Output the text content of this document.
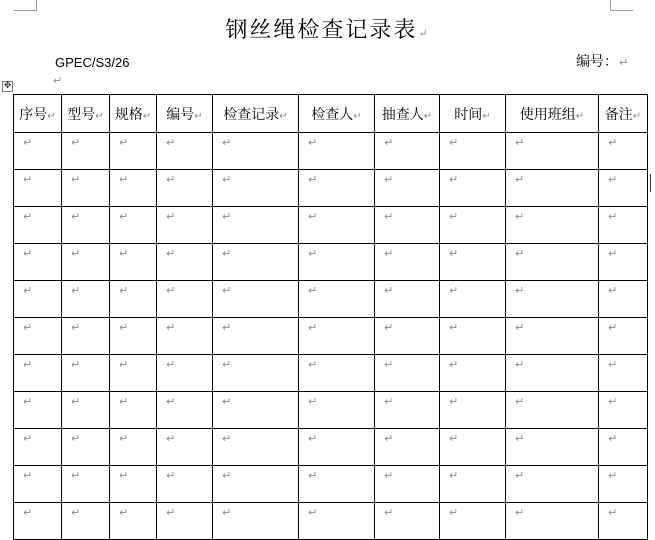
钢丝绳检查记录表↵
GPEC/S3/26	编号：↵
↵
✥
序号↵	型号↵	规格↵	编号↵	检查记录↵	检查人↵	抽查人↵	时间↵	使用班组↵	备注↵
↵	↵	↵	↵	↵	↵	↵	↵	↵	↵
↵	↵	↵	↵	↵	↵	↵	↵	↵	↵
↵	↵	↵	↵	↵	↵	↵	↵	↵	↵
↵	↵	↵	↵	↵	↵	↵	↵	↵	↵
↵	↵	↵	↵	↵	↵	↵	↵	↵	↵
↵	↵	↵	↵	↵	↵	↵	↵	↵	↵
↵	↵	↵	↵	↵	↵	↵	↵	↵	↵
↵	↵	↵	↵	↵	↵	↵	↵	↵	↵
↵	↵	↵	↵	↵	↵	↵	↵	↵	↵
↵	↵	↵	↵	↵	↵	↵	↵	↵	↵
↵	↵	↵	↵	↵	↵	↵	↵	↵	↵
